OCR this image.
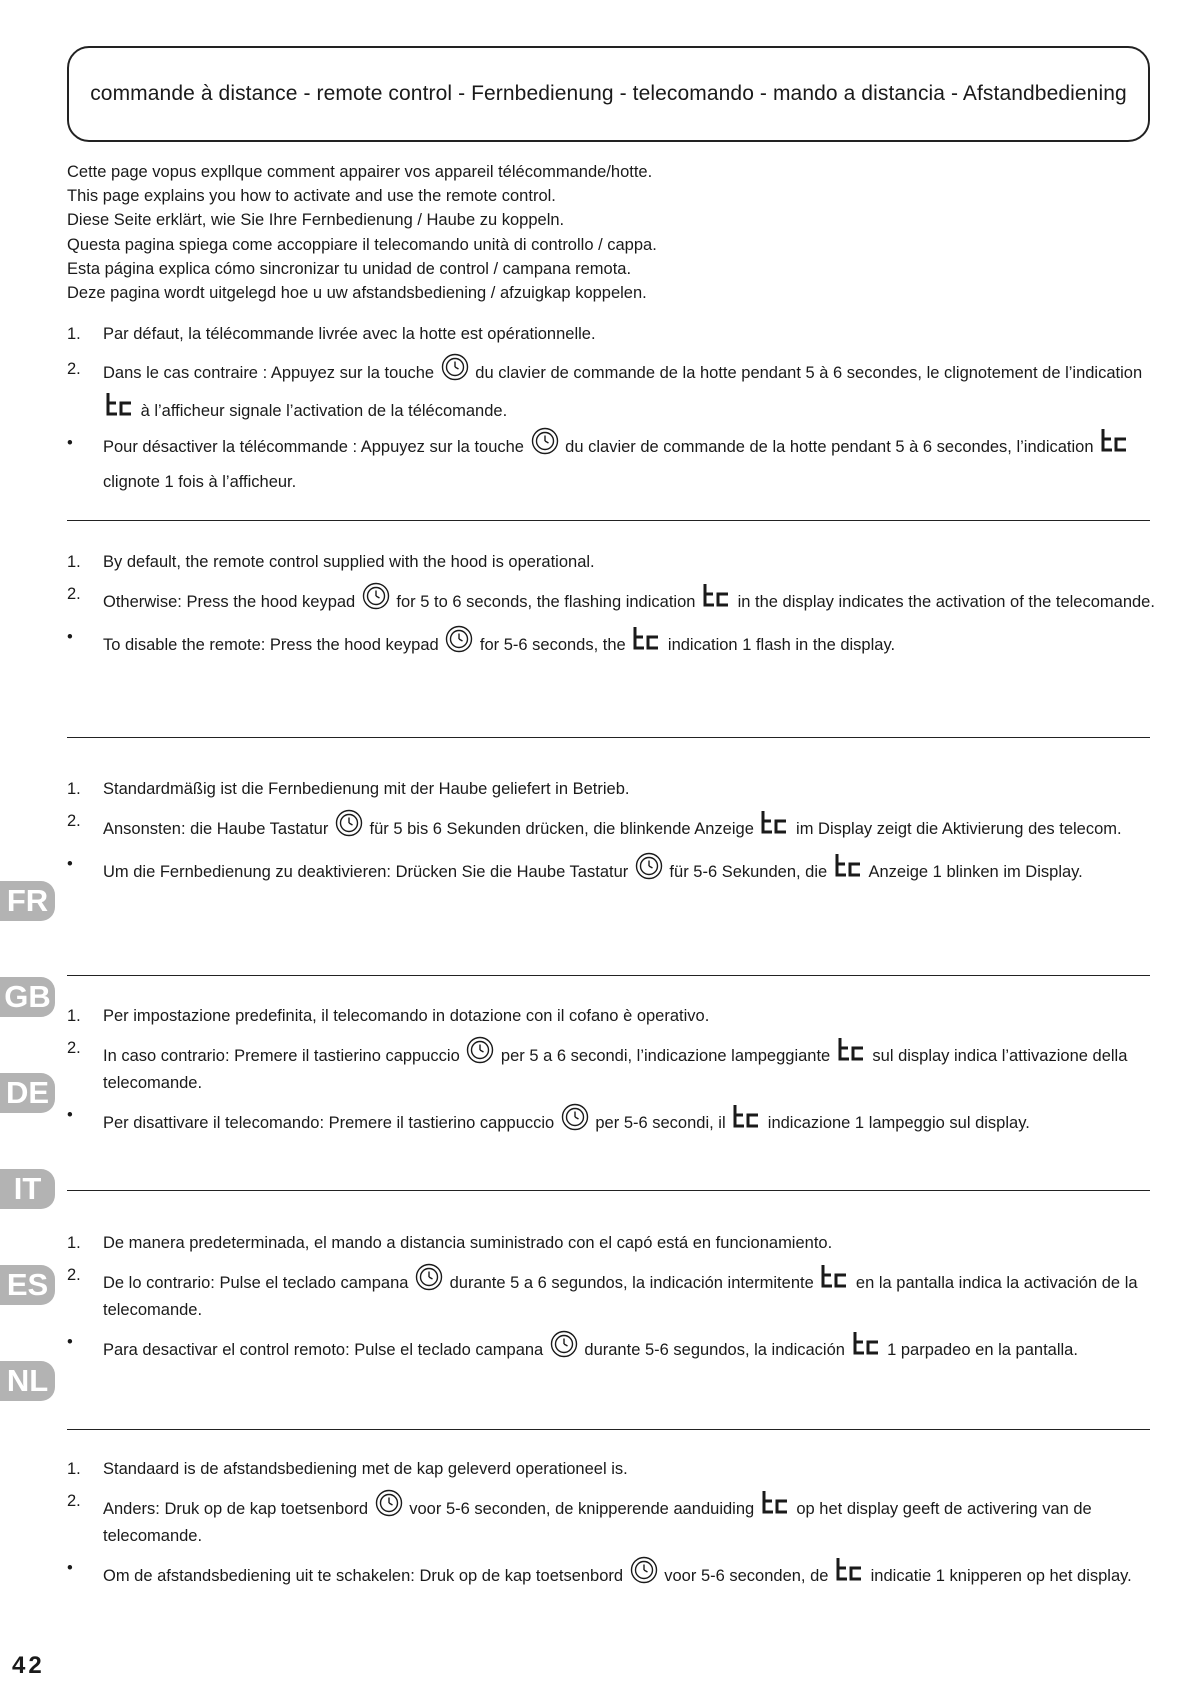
commande à distance - remote control - Fernbedienung - telecomando - mando a distancia - Afstandbediening
Cette page vopus expllque comment appairer vos appareil télécommande/hotte.
This page explains you how to activate and use the remote control.
Diese Seite erklärt, wie Sie Ihre Fernbedienung / Haube zu koppeln.
Questa pagina spiega come accoppiare il telecomando unità di controllo / cappa.
Esta página explica cómo sincronizar tu unidad de control / campana remota.
Deze pagina wordt uitgelegd hoe u uw afstandsbediening / afzuigkap koppelen.
1. Par défaut, la télécommande livrée avec la hotte est opérationnelle.
2. Dans le cas contraire : Appuyez sur la touche  du clavier de commande de la hotte pendant 5 à 6 secondes, le clignotement de l’indication  à l’afficheur signale l’activation de la télécomande.
• Pour désactiver la télécommande : Appuyez sur la touche  du clavier de commande de la hotte pendant 5 à 6 secondes, l’indication  clignote 1 fois à l’afficheur.
1. By default, the remote control supplied with the hood is operational.
2. Otherwise: Press the hood keypad  for 5 to 6 seconds, the flashing indication  in the display indicates the activation of the telecomande.
• To disable the remote: Press the hood keypad  for 5-6 seconds, the  indication 1 flash in the display.
1. Standardmäßig ist die Fernbedienung mit der Haube geliefert in Betrieb.
2. Ansonsten: die Haube Tastatur  für 5 bis 6 Sekunden drücken, die blinkende Anzeige  im Display zeigt die Aktivierung des telecom.
• Um die Fernbedienung zu deaktivieren: Drücken Sie die Haube Tastatur  für 5-6 Sekunden, die  Anzeige 1 blinken im Display.
1. Per impostazione predefinita, il telecomando in dotazione con il cofano è operativo.
2. In caso contrario: Premere il tastierino cappuccio  per 5 a 6 secondi, l’indicazione lampeggiante  sul display indica l’attivazione della telecomande.
• Per disattivare il telecomando: Premere il tastierino cappuccio  per 5-6 secondi, il  indicazione 1 lampeggio sul display.
1. De manera predeterminada, el mando a distancia suministrado con el capó está en funcionamiento.
2. De lo contrario: Pulse el teclado campana  durante 5 a 6 segundos, la indicación intermitente  en la pantalla indica la activación de la telecomande.
• Para desactivar el control remoto: Pulse el teclado campana  durante 5-6 segundos, la indicación  1 parpadeo en la pantalla.
1. Standaard is de afstandsbediening met de kap geleverd operationeel is.
2. Anders: Druk op de kap toetsenbord  voor 5-6 seconden, de knipperende aanduiding  op het display geeft de activering van de telecomande.
• Om de afstandsbediening uit te schakelen: Druk op de kap toetsenbord  voor 5-6 seconden, de  indicatie 1 knipperen op het display.
FR
GB
DE
IT
ES
NL
42
